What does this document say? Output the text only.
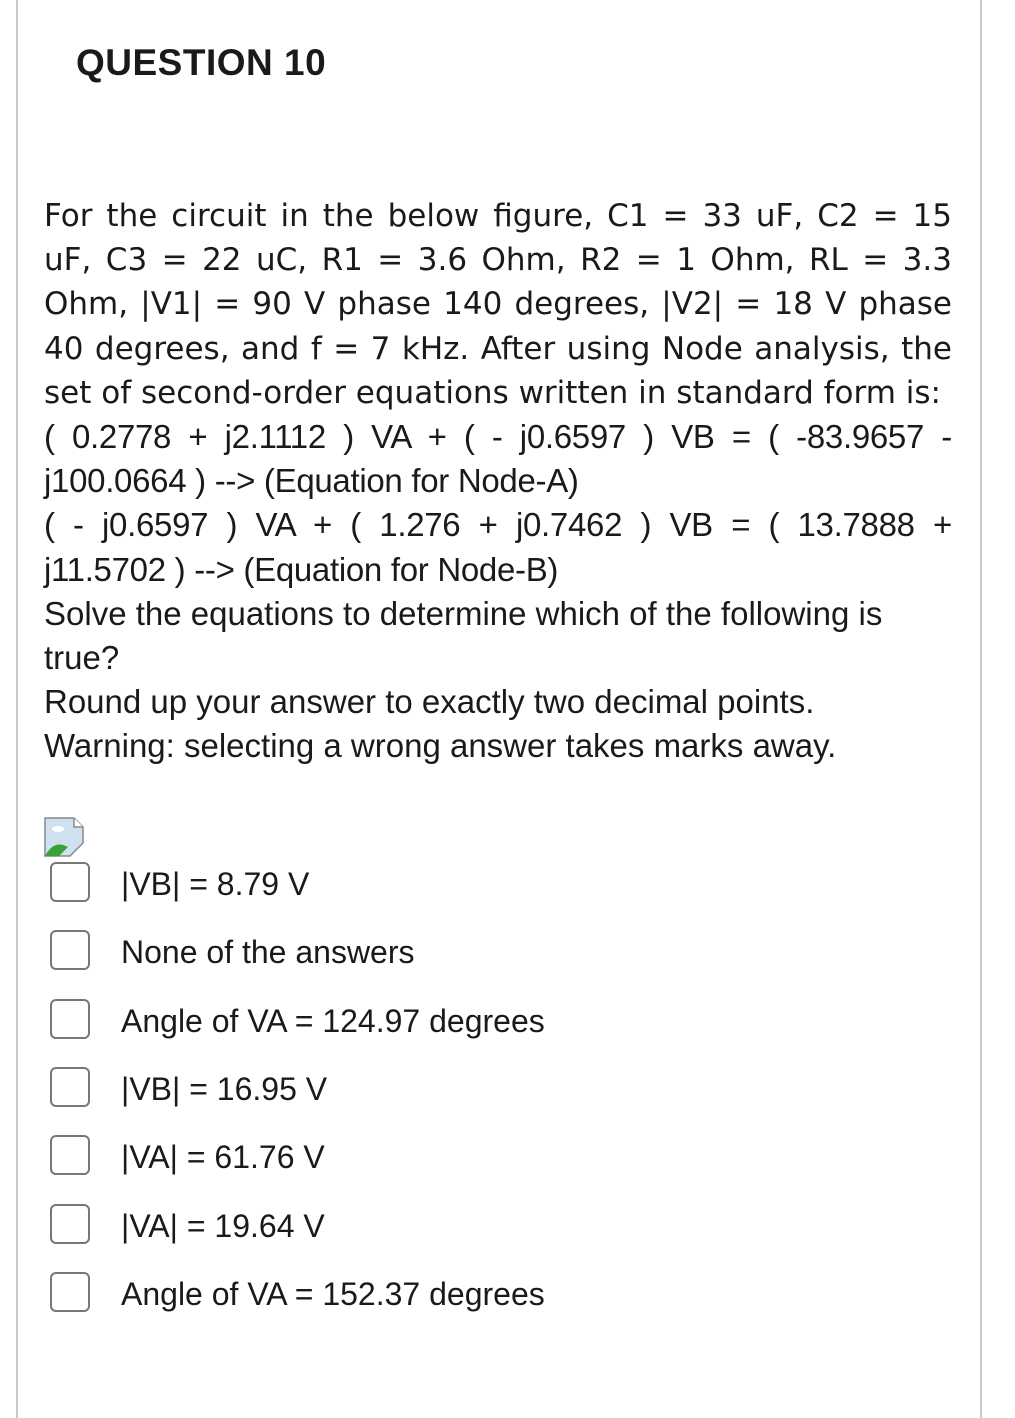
QUESTION 10
For the circuit in the below figure, C1 = 33 uF, C2 = 15 uF, C3 = 22 uC, R1 = 3.6 Ohm, R2 = 1 Ohm, RL = 3.3 Ohm, |V1| = 90 V phase 140 degrees, |V2| = 18 V phase 40 degrees, and f = 7 kHz. After using Node analysis, the set of second-order equations written in standard form is:
( 0.2778 + j2.1112 ) VA + ( - j0.6597 ) VB = ( -83.9657 -
j100.0664 ) --> (Equation for Node-A)
( - j0.6597 ) VA + ( 1.276 + j0.7462 ) VB = ( 13.7888 +
j11.5702 ) --> (Equation for Node-B)
Solve the equations to determine which of the following is true?
Round up your answer to exactly two decimal points.
Warning: selecting a wrong answer takes marks away.
|VB| = 8.79 V
None of the answers
Angle of VA = 124.97 degrees
|VB| = 16.95 V
|VA| = 61.76 V
|VA| = 19.64 V
Angle of VA = 152.37 degrees
